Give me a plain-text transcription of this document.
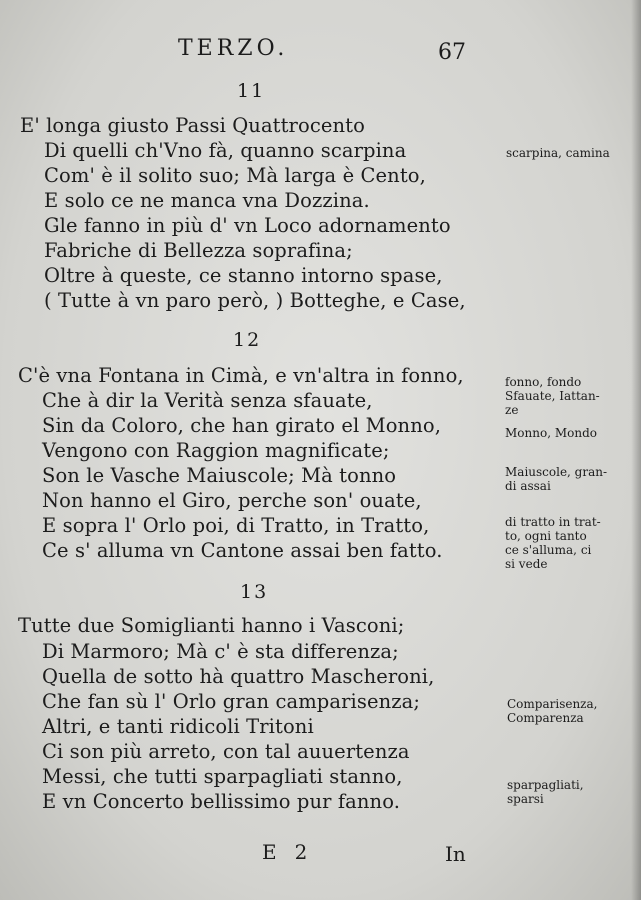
TERZO.	67
11
E' longa giusto Passi Quattrocento
Di quelli ch'Vno fà, quanno scarpina
Com' è il solito suo; Mà larga è Cento,
E solo ce ne manca vna Dozzina.
Gle fanno in più d' vn Loco adornamento
Fabriche di Bellezza soprafina;
Oltre à queste, ce stanno intorno spase,
( Tutte à vn paro però, ) Botteghe, e Case,
12
C'è vna Fontana in Cimà, e vn'altra in fonno,
Che à dir la Verità senza sfauate,
Sin da Coloro, che han girato el Monno,
Vengono con Raggion magnificate;
Son le Vasche Maiuscole; Mà tonno
Non hanno el Giro, perche son' ouate,
E sopra l' Orlo poi, di Tratto, in Tratto,
Ce s' alluma vn Cantone assai ben fatto.
13
Tutte due Somiglianti hanno i Vasconi;
Di Marmoro; Mà c' è sta differenza;
Quella de sotto hà quattro Mascheroni,
Che fan sù l' Orlo gran camparisenza;
Altri, e tanti ridicoli Tritoni
Ci son più arreto, con tal auuertenza
Messi, che tutti sparpagliati stanno,
E vn Concerto bellissimo pur fanno.
scarpina, camina
fonno, fondo
Sfauate, Iattan-
ze
Monno, Mondo
Maiuscole, gran-
di assai
di tratto in trat-
to, ogni tanto
ce s'alluma, ci
si vede
Comparisenza,
Comparenza
sparpagliati,
sparsi
E 2	In
